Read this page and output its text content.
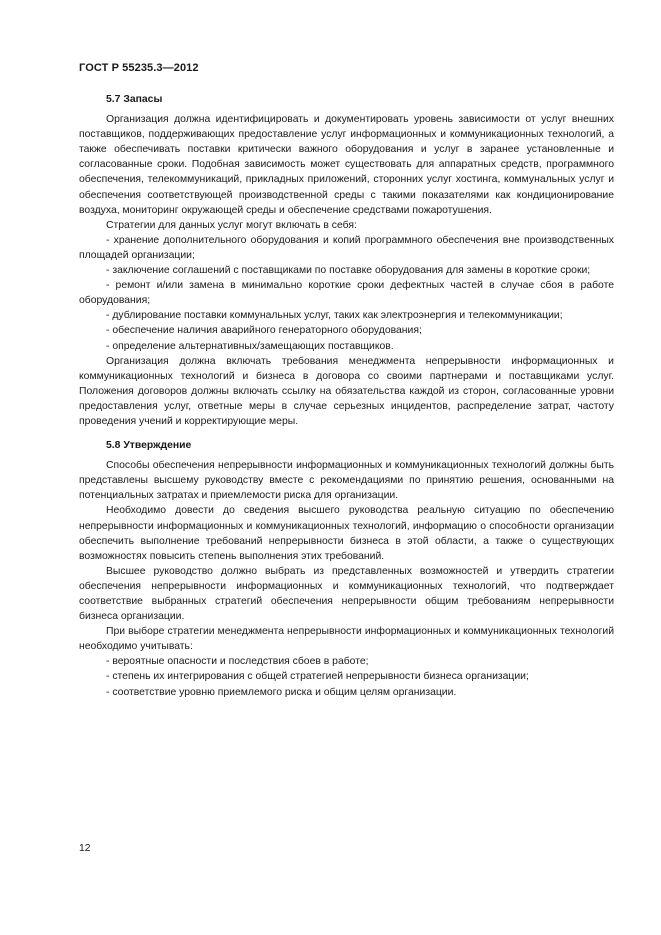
ГОСТ Р 55235.3—2012
5.7 Запасы

Организация должна идентифицировать и документировать уровень зависимости от услуг внешних поставщиков, поддерживающих предоставление услуг информационных и коммуникационных технологий, а также обеспечивать поставки критически важного оборудования и услуг в заранее установленные и согласованные сроки. Подобная зависимость может существовать для аппаратных средств, программного обеспечения, телекоммуникаций, прикладных приложений, сторонних услуг хостинга, коммунальных услуг и обеспечения соответствующей производственной среды с такими показателями как кондиционирование воздуха, мониторинг окружающей среды и обеспечение средствами пожаротушения.

Стратегии для данных услуг могут включать в себя:

- хранение дополнительного оборудования и копий программного обеспечения вне производственных площадей организации;

- заключение соглашений с поставщиками по поставке оборудования для замены в короткие сроки;

- ремонт и/или замена в минимально короткие сроки дефектных частей в случае сбоя в работе оборудования;

- дублирование поставки коммунальных услуг, таких как электроэнергия и телекоммуникации;

- обеспечение наличия аварийного генераторного оборудования;

- определение альтернативных/замещающих поставщиков.

Организация должна включать требования менеджмента непрерывности информационных и коммуникационных технологий и бизнеса в договора со своими партнерами и поставщиками услуг. Положения договоров должны включать ссылку на обязательства каждой из сторон, согласованные уровни предоставления услуг, ответные меры в случае серьезных инцидентов, распределение затрат, частоту проведения учений и корректирующие меры.

5.8 Утверждение

Способы обеспечения непрерывности информационных и коммуникационных технологий должны быть представлены высшему руководству вместе с рекомендациями по принятию решения, основанными на потенциальных затратах и приемлемости риска для организации.

Необходимо довести до сведения высшего руководства реальную ситуацию по обеспечению непрерывности информационных и коммуникационных технологий, информацию о способности организации обеспечить выполнение требований непрерывности бизнеса в этой области, а также о существующих возможностях повысить степень выполнения этих требований.

Высшее руководство должно выбрать из представленных возможностей и утвердить стратегии обеспечения непрерывности информационных и коммуникационных технологий, что подтверждает соответствие выбранных стратегий обеспечения непрерывности общим требованиям непрерывности бизнеса организации.

При выборе стратегии менеджмента непрерывности информационных и коммуникационных технологий необходимо учитывать:

- вероятные опасности и последствия сбоев в работе;

- степень их интегрирования с общей стратегией непрерывности бизнеса организации;

- соответствие уровню приемлемого риска и общим целям организации.

12
